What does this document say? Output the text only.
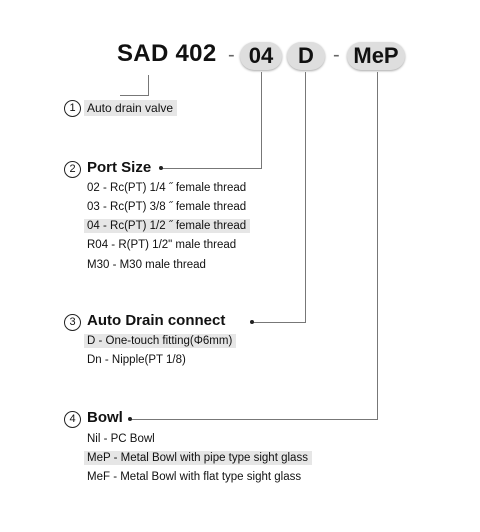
SAD 402 - 04	D - MeP
1 Auto drain valve
2 Port Size
02 - Rc(PT) 1/4 ˝ female thread
03 - Rc(PT) 3/8 ˝ female thread
04 - Rc(PT) 1/2 ˝ female thread
R04 - R(PT) 1/2" male thread
M30 - M30 male thread
3 Auto Drain connect
D - One-touch fitting(Φ6mm)
Dn - Nipple(PT 1/8)
4 Bowl
Nil - PC Bowl
MeP - Metal Bowl with pipe type sight glass
MeF - Metal Bowl with flat type sight glass
